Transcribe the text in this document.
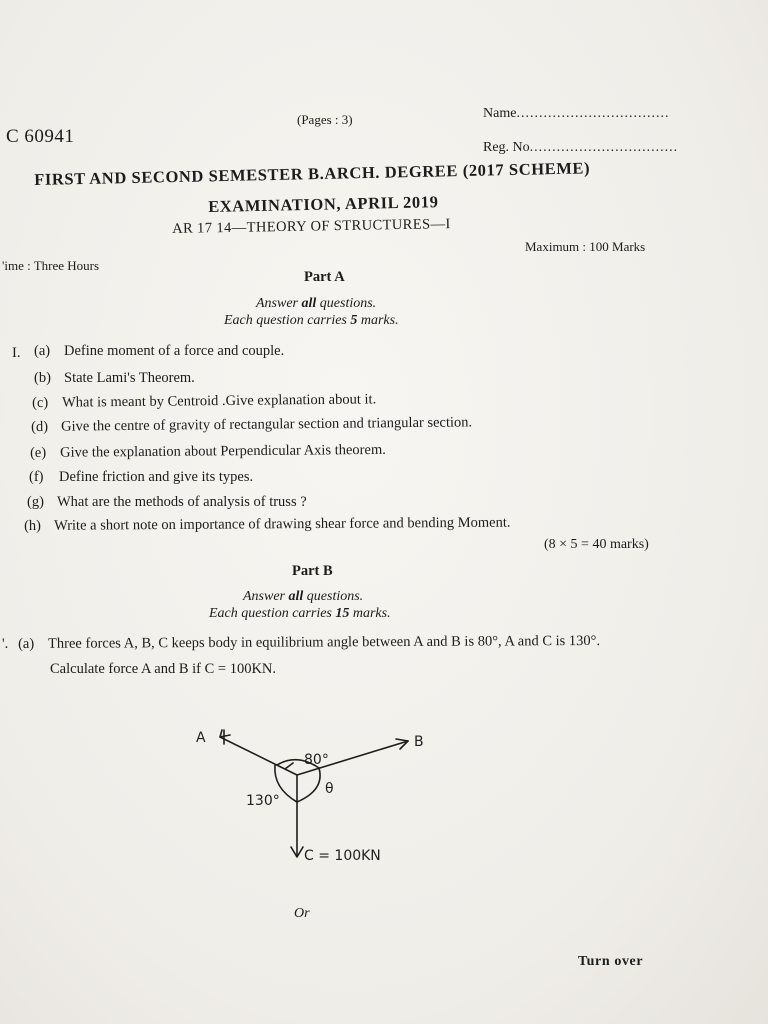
C 60941
(Pages : 3)	Name..................................
Reg. No.................................
FIRST AND SECOND SEMESTER B.ARCH. DEGREE (2017 SCHEME)
EXAMINATION, APRIL 2019
AR 17 14—THEORY OF STRUCTURES—I
'ime : Three Hours
Maximum : 100 Marks
Part A
Answer all questions.
Each question carries 5 marks.
I. (a) Define moment of a force and couple.
(b) State Lami's Theorem.
(c) What is meant by Centroid .Give explanation about it.
(d) Give the centre of gravity of rectangular section and triangular section.
(e) Give the explanation about Perpendicular Axis theorem.
(f) Define friction and give its types.
(g) What are the methods of analysis of truss ?
(h) Write a short note on importance of drawing shear force and bending Moment.
(8 × 5 = 40 marks)
Part B
Answer all questions.
Each question carries 15 marks.
'. (a) Three forces A, B, C keeps body in equilibrium angle between A and B is 80°, A and C is 130°.
Calculate force A and B if C = 100KN.
A	B
80°
130°
θ
C = 100KN
Or
Turn over
